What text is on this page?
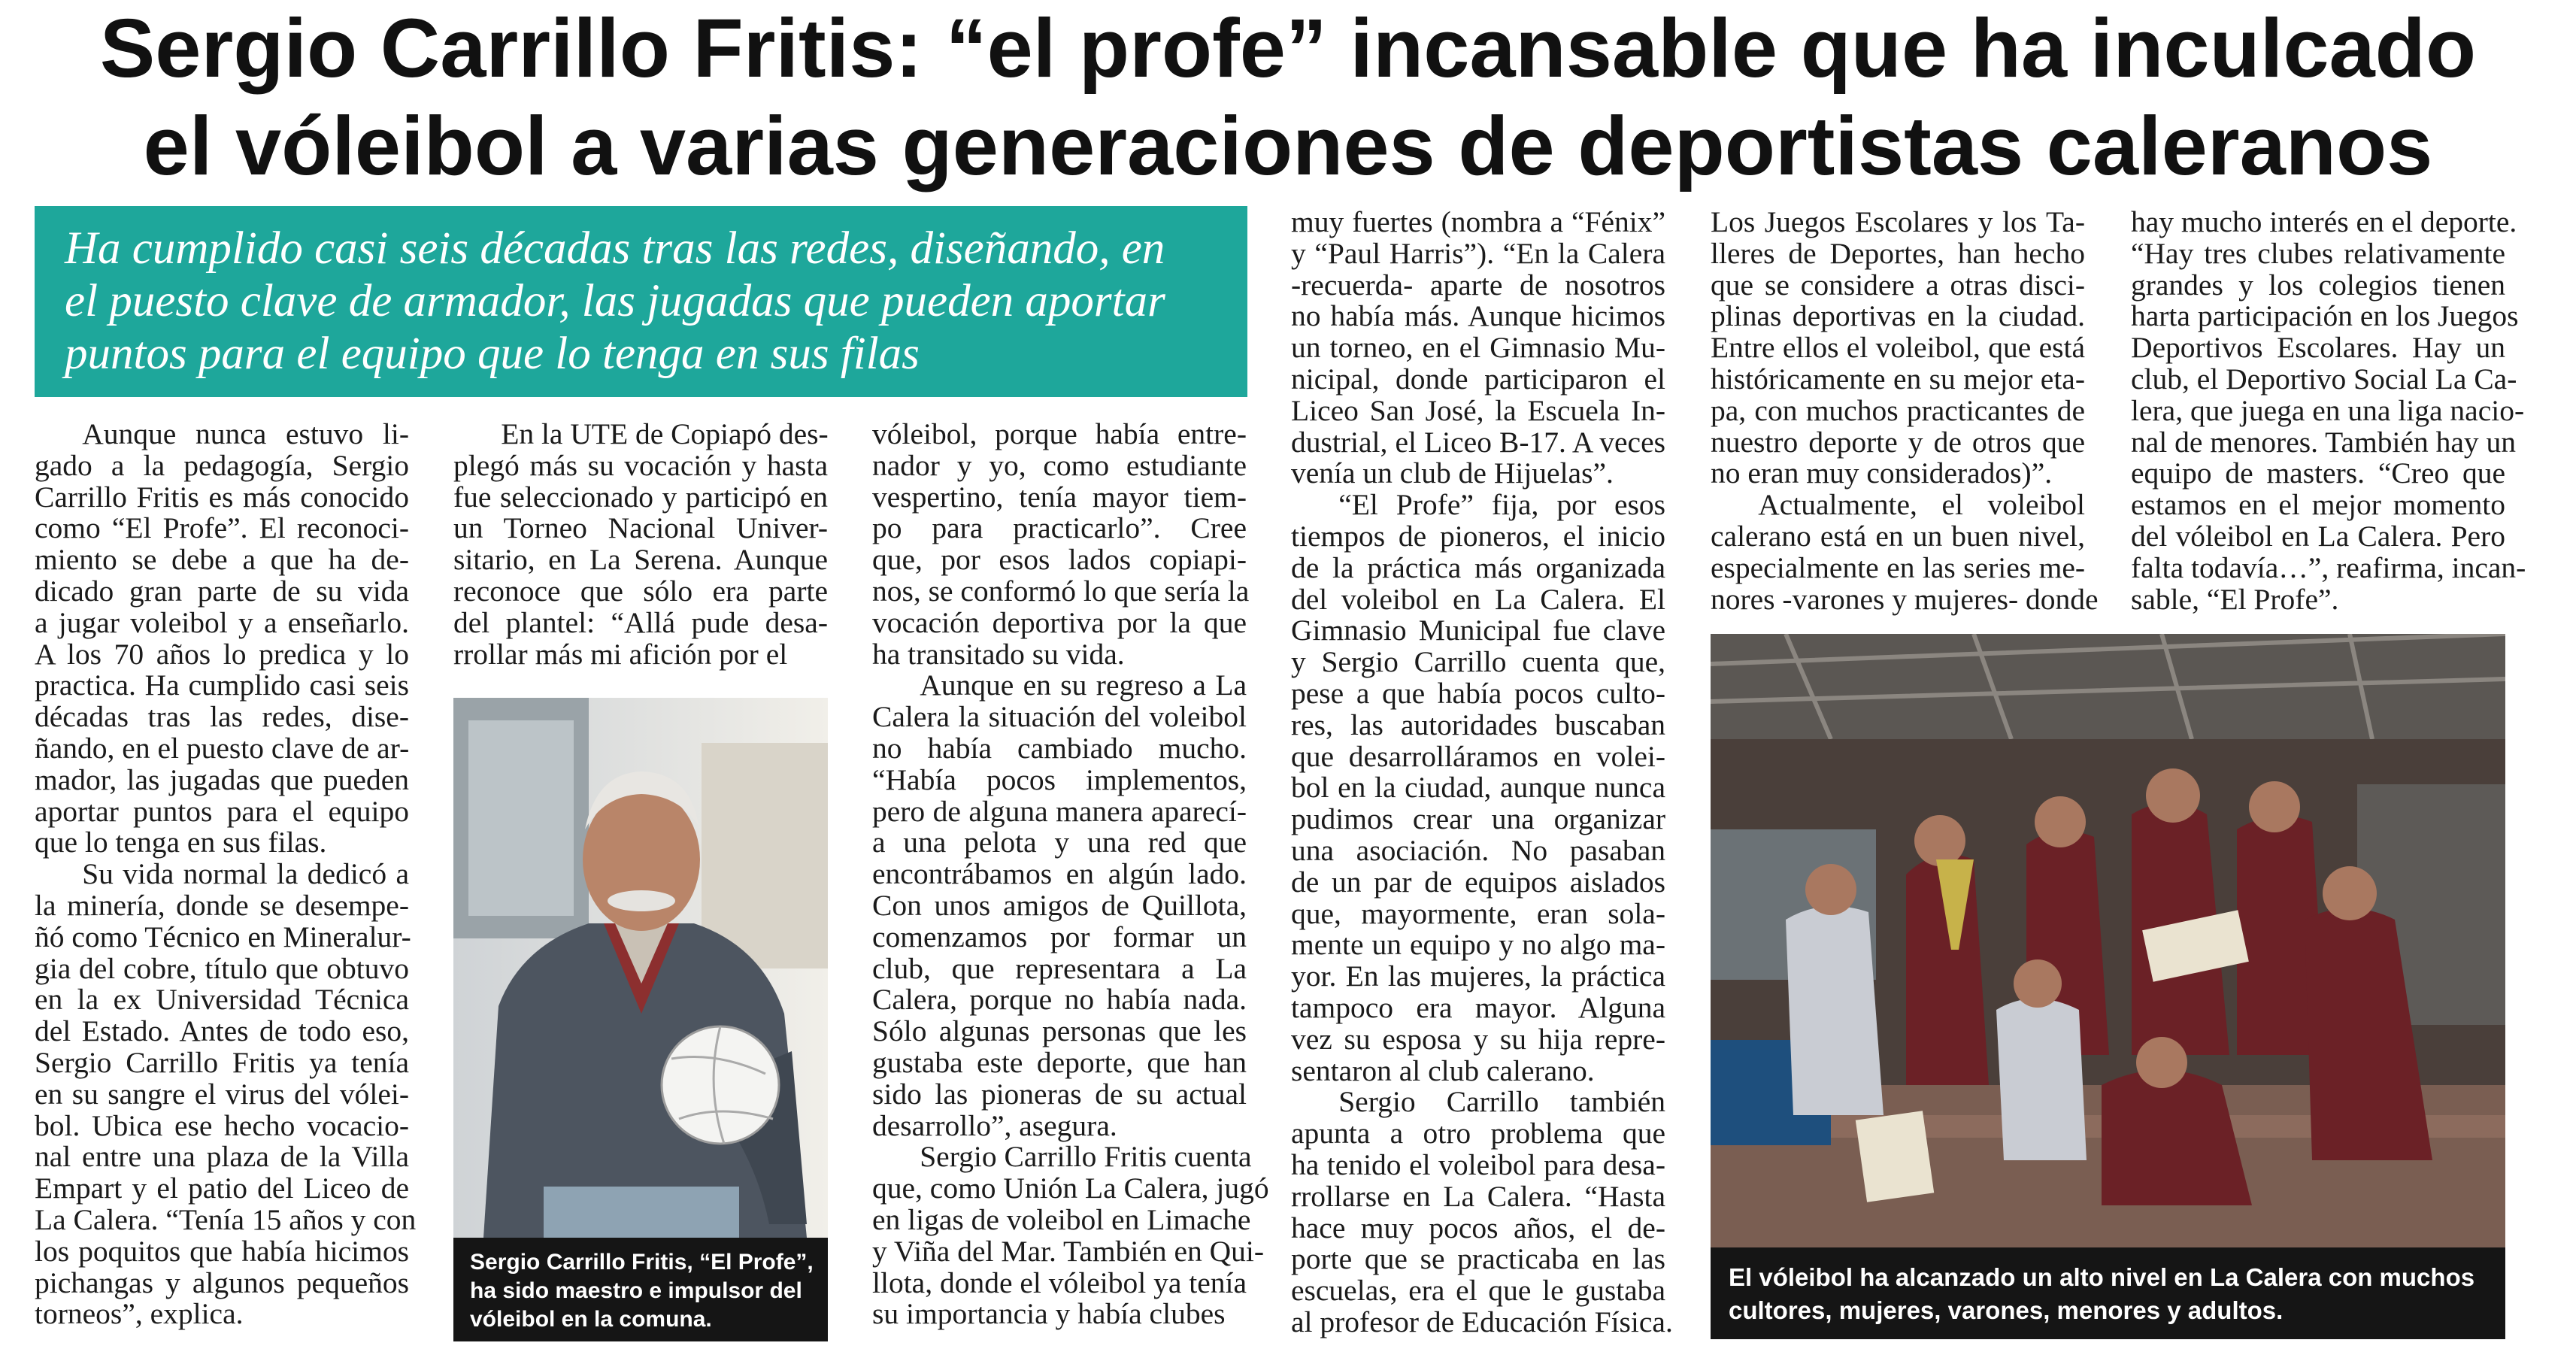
Sergio Carrillo Fritis: “el profe” incansable que ha inculcado
el vóleibol a varias generaciones de deportistas caleranos
Ha cumplido casi seis décadas tras las redes, diseñando, en
el puesto clave de armador, las jugadas que pueden aportar
puntos para el equipo que lo tenga en sus filas
Aunque nunca estuvo li-
gado a la pedagogía, Sergio
Carrillo Fritis es más conocido
como “El Profe”. El reconoci-
miento se debe a que ha de-
dicado gran parte de su vida
a jugar voleibol y a enseñarlo.
A los 70 años lo predica y lo
practica. Ha cumplido casi seis
décadas tras las redes, dise-
ñando, en el puesto clave de ar-
mador, las jugadas que pueden
aportar puntos para el equipo
que lo tenga en sus filas.
Su vida normal la dedicó a
la minería, donde se desempe-
ñó como Técnico en Mineralur-
gia del cobre, título que obtuvo
en la ex Universidad Técnica
del Estado. Antes de todo eso,
Sergio Carrillo Fritis ya tenía
en su sangre el virus del vólei-
bol. Ubica ese hecho vocacio-
nal entre una plaza de la Villa
Empart y el patio del Liceo de
La Calera. “Tenía 15 años y con
los poquitos que había hicimos
pichangas y algunos pequeños
torneos”, explica.
En la UTE de Copiapó des-
plegó más su vocación y hasta
fue seleccionado y participó en
un Torneo Nacional Univer-
sitario, en La Serena. Aunque
reconoce que sólo era parte
del plantel: “Allá pude desa-
rrollar más mi afición por el
Sergio Carrillo Fritis, “El Profe”,
ha sido maestro e impulsor del
vóleibol en la comuna.
vóleibol, porque había entre-
nador y yo, como estudiante
vespertino, tenía mayor tiem-
po para practicarlo”. Cree
que, por esos lados copiapi-
nos, se conformó lo que sería la
vocación deportiva por la que
ha transitado su vida.
Aunque en su regreso a La
Calera la situación del voleibol
no había cambiado mucho.
“Había pocos implementos,
pero de alguna manera aparecí-
a una pelota y una red que
encontrábamos en algún lado.
Con unos amigos de Quillota,
comenzamos por formar un
club, que representara a La
Calera, porque no había nada.
Sólo algunas personas que les
gustaba este deporte, que han
sido las pioneras de su actual
desarrollo”, asegura.
Sergio Carrillo Fritis cuenta
que, como Unión La Calera, jugó
en ligas de voleibol en Limache
y Viña del Mar. También en Qui-
llota, donde el vóleibol ya tenía
su importancia y había clubes
muy fuertes (nombra a “Fénix”
y “Paul Harris”). “En la Calera
-recuerda- aparte de nosotros
no había más. Aunque hicimos
un torneo, en el Gimnasio Mu-
nicipal, donde participaron el
Liceo San José, la Escuela In-
dustrial, el Liceo B-17. A veces
venía un club de Hijuelas”.
“El Profe” fija, por esos
tiempos de pioneros, el inicio
de la práctica más organizada
del voleibol en La Calera. El
Gimnasio Municipal fue clave
y Sergio Carrillo cuenta que,
pese a que había pocos culto-
res, las autoridades buscaban
que desarrolláramos en volei-
bol en la ciudad, aunque nunca
pudimos crear una organizar
una asociación. No pasaban
de un par de equipos aislados
que, mayormente, eran sola-
mente un equipo y no algo ma-
yor. En las mujeres, la práctica
tampoco era mayor. Alguna
vez su esposa y su hija repre-
sentaron al club calerano.
Sergio Carrillo también
apunta a otro problema que
ha tenido el voleibol para desa-
rrollarse en La Calera. “Hasta
hace muy pocos años, el de-
porte que se practicaba en las
escuelas, era el que le gustaba
al profesor de Educación Física.
Los Juegos Escolares y los Ta-
lleres de Deportes, han hecho
que se considere a otras disci-
plinas deportivas en la ciudad.
Entre ellos el voleibol, que está
históricamente en su mejor eta-
pa, con muchos practicantes de
nuestro deporte y de otros que
no eran muy considerados)”.
Actualmente, el voleibol
calerano está en un buen nivel,
especialmente en las series me-
nores -varones y mujeres- donde
hay mucho interés en el deporte.
“Hay tres clubes relativamente
grandes y los colegios tienen
harta participación en los Juegos
Deportivos Escolares. Hay un
club, el Deportivo Social La Ca-
lera, que juega en una liga nacio-
nal de menores. También hay un
equipo de masters. “Creo que
estamos en el mejor momento
del vóleibol en La Calera. Pero
falta todavía…”, reafirma, incan-
sable, “El Profe”.
El vóleibol ha alcanzado un alto nivel en La Calera con muchos
cultores, mujeres, varones, menores y adultos.
